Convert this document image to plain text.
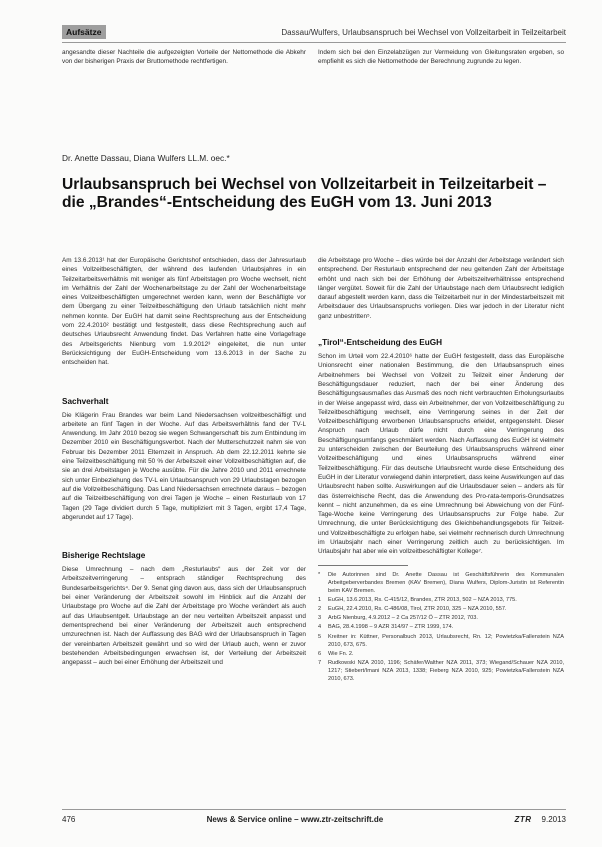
Aufsätze	Dassau/Wulfers, Urlaubsanspruch bei Wechsel von Vollzeitarbeit in Teilzeitarbeit

angesandte dieser Nachteile die aufgezeigten Vorteile der Nettomethode die Abkehr von der bisherigen Praxis der Bruttomethode rechtfertigen.

Indem sich bei den Einzelabzügen zur Vermeidung von Gleitungsraten ergeben, so empfiehlt es sich die Nettomethode der Berechnung zugrunde zu legen.

Dr. Anette Dassau, Diana Wulfers LL.M. oec.*
Urlaubsanspruch bei Wechsel von Vollzeitarbeit in Teilzeitarbeit – die „Brandes“-Entscheidung des EuGH vom 13. Juni 2013

Am 13.6.2013¹ hat der Europäische Gerichtshof entschieden, dass der Jahresurlaub eines Vollzeitbeschäftigten, der während des laufenden Urlaubsjahres in ein Teilzeitarbeitsverhältnis mit weniger als fünf Arbeitstagen pro Woche wechselt, nicht im Verhältnis der Zahl der Wochenarbeitstage zu der Zahl der Wochenarbeitstage eines Vollzeitbeschäftigten umgerechnet werden kann, wenn der Beschäftigte vor dem Übergang zu einer Teilzeitbeschäftigung den Urlaub tatsächlich nicht mehr nehmen konnte. Der EuGH hat damit seine Rechtsprechung aus der Entscheidung vom 22.4.2010² bestätigt und festgestellt, dass diese Rechtsprechung auch auf deutsches Urlaubsrecht Anwendung findet. Das Verfahren hatte eine Vorlagefrage des Arbeitsgerichts Nienburg vom 1.9.2012³ eingeleitet, die nun unter Berücksichtigung der EuGH-Entscheidung vom 13.6.2013 in der Sache zu entscheiden hat.

Sachverhalt

Die Klägerin Frau Brandes war beim Land Niedersachsen vollzeitbeschäftigt und arbeitete an fünf Tagen in der Woche. Auf das Arbeitsverhältnis fand der TV-L Anwendung. Im Jahr 2010 bezog sie wegen Schwangerschaft bis zum Entbindung im Dezember 2010 ein Beschäftigungsverbot. Nach der Mutterschutzzeit nahm sie von Februar bis Dezember 2011 Elternzeit in Anspruch. Ab dem 22.12.2011 kehrte sie eine Teilzeitbeschäftigung mit 50 % der Arbeitszeit einer Vollzeitbeschäftigten auf, die sie an drei Arbeitstagen je Woche ausübte. Für die Jahre 2010 und 2011 errechnete sich unter Einbeziehung des TV-L ein Urlaubsanspruch von 29 Urlaubstagen bezogen auf die Vollzeitbeschäftigung. Das Land Niedersachsen errechnete daraus – bezogen auf die Teilzeitbeschäftigung von drei Tagen je Woche – einen Resturlaub von 17 Tagen (29 Tage dividiert durch 5 Tage, multipliziert mit 3 Tagen, ergibt 17,4 Tage, abgerundet auf 17 Tage).

Bisherige Rechtslage

Diese Umrechnung – nach dem „Resturlaubs“ aus der Zeit vor der Arbeitszeitverringerung – entsprach ständiger Rechtsprechung des Bundesarbeitsgerichts⁴. Der 9. Senat ging davon aus, dass sich der Urlaubsanspruch bei einer Veränderung der Arbeitszeit sowohl im Hinblick auf die Anzahl der Urlaubstage pro Woche auf die Zahl der Arbeitstage pro Woche verändert als auch auf das Urlaubsentgelt. Urlaubstage an der neu verteilten Arbeitszeit anpasst und dementsprechend bei einer Veränderung der Arbeitszeit auch entsprechend umzurechnen ist. Nach der Auffassung des BAG wird der Urlaubsanspruch in Tagen der vereinbarten Arbeitszeit gewährt und so wird der Urlaub auch, wenn er zuvor bestehenden Arbeitsbedingungen erwachsen ist, der Verteilung der Arbeitszeit angepasst – auch bei einer Erhöhung der Arbeitszeit und

die Arbeitstage pro Woche – dies würde bei der Anzahl der Arbeitstage verändert sich entsprechend. Der Resturlaub entsprechend der neu geltenden Zahl der Arbeitstage erhöht und nach sich bei der Erhöhung der Arbeitszeitverhältnisse entsprechend länger vergütet. Soweit für die Zahl der Urlaubstage nach dem Urlaubsrecht lediglich darauf abgestellt werden kann, dass die Teilzeitarbeit nur in der Mindestarbeitszeit mit Arbeitsdauer des Urlaubsanspruchs vorliegen. Dies war jedoch in der Literatur nicht ganz unbestritten⁵.

„Tirol“-Entscheidung des EuGH

Schon im Urteil vom 22.4.2010⁶ hatte der EuGH festgestellt, dass das Europäische Unionsrecht einer nationalen Bestimmung, die den Urlaubsanspruch eines Arbeitnehmers bei Wechsel von Vollzeit zu Teilzeit einer Änderung der Beschäftigungsdauer reduziert, nach der bei einer Änderung des Beschäftigungsausmaßes das Ausmaß des noch nicht verbrauchten Erholungsurlaubs in der Weise angepasst wird, dass ein Arbeitnehmer, der von Vollzeitbeschäftigung zu Teilzeitbeschäftigung wechselt, eine Verringerung seines in der Zeit der Vollzeitbeschäftigung erworbenen Urlaubsanspruchs erleidet, entgegensteht. Dieser Anspruch nach Urlaub dürfe nicht durch eine Verringerung des Beschäftigungsumfangs geschmälert werden. Nach Auffassung des EuGH ist vielmehr zu unterscheiden zwischen der Beurteilung des Urlaubsanspruchs während einer Vollzeitbeschäftigung und eines Urlaubsanspruchs während einer Teilzeitbeschäftigung. Für das deutsche Urlaubsrecht wurde diese Entscheidung des EuGH in der Literatur vorwiegend dahin interpretiert, dass keine Auswirkungen auf das Urlaubsrecht haben sollte. Auswirkungen auf die Urlaubsdauer seien – anders als für das österreichische Recht, das die Anwendung des Pro-rata-temporis-Grundsatzes kennt – nicht anzunehmen, da es eine Umrechnung bei Abweichung von der Fünf-Tage-Woche keine Verringerung des Urlaubsanspruchs zur Folge habe. Zur Umrechnung, die unter Berücksichtigung des Gleichbehandlungsgebots für Teilzeit- und Vollzeitbeschäftigte zu erfolgen habe, sei vielmehr rechnerisch durch Umrechnung im Urlaubsjahr nach einer Verringerung zeitlich auch zu berücksichtigen. Im Urlaubsjahr hat aber wie ein vollzeitbeschäftigter Kollege⁷.

*	Die Autorinnen sind Dr. Anette Dassau ist Geschäftsführerin des Kommunalen Arbeitgeberverbandes Bremen (KAV Bremen), Diana Wulfers, Diplom-Juristin ist Referentin beim KAV Bremen.
1	EuGH, 13.6.2013, Rs. C-415/12, Brandes, ZTR 2013, 502 – NZA 2013, 775.
2	EuGH, 22.4.2010, Rs. C-486/08, Tirol, ZTR 2010, 325 – NZA 2010, 557.
3	ArbG Nienburg, 4.9.2012 – 2 Ca 257/12 Ö – ZTR 2012, 703.
4	BAG, 28.4.1998 – 9 AZR 314/97 – ZTR 1999, 174.
5	Kreitner in: Küttner, Personalbuch 2013, Urlaubsrecht, Rn. 12; Powietzka/Fallenstein NZA 2010, 673, 675.
6	Wie Fn. 2.
7	Rudkowski NZA 2010, 1196; Schäfer/Walther NZA 2011, 373; Wiegand/Schauer NZA 2010, 1217; Stiebert/Imani NZA 2013, 1338; Fieberg NZA 2010, 925; Powietzka/Fallenstein NZA 2010, 673.
476	News & Service online – www.ztr-zeitschrift.de	ZTR 9.2013
